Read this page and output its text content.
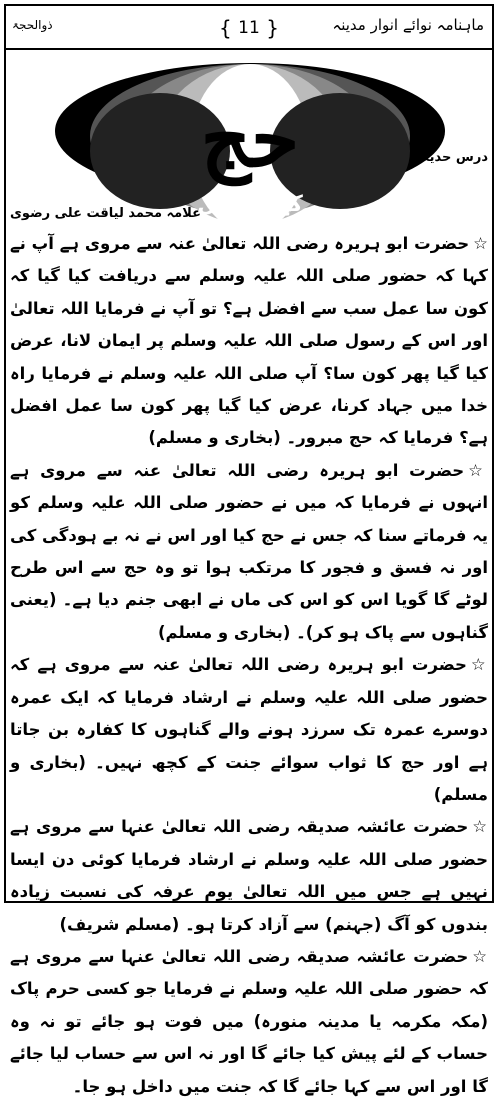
ذوالحجۃ	{ 11 }	ماہنامہ نوائے انوار مدینہ
حج
کے فضائل
درس حدیث
علامہ محمد لیاقت علی رضوی

☆حضرت ابو ہریرہ رضی اللہ تعالیٰ عنہ سے مروی ہے آپ نے کہا کہ حضور صلی اللہ علیہ وسلم سے دریافت کیا گیا کہ کون سا عمل سب سے افضل ہے؟ تو آپ نے فرمایا اللہ تعالیٰ اور اس کے رسول صلی اللہ علیہ وسلم پر ایمان لانا، عرض کیا گیا پھر کون سا؟ آپ صلی اللہ علیہ وسلم نے فرمایا راہ خدا میں جہاد کرنا، عرض کیا گیا پھر کون سا عمل افضل ہے؟ فرمایا کہ حج مبرور۔ (بخاری و مسلم)

☆حضرت ابو ہریرہ رضی اللہ تعالیٰ عنہ سے مروی ہے انہوں نے فرمایا کہ میں نے حضور صلی اللہ علیہ وسلم کو یہ فرماتے سنا کہ جس نے حج کیا اور اس نے نہ بے ہودگی کی اور نہ فسق و فجور کا مرتکب ہوا تو وہ حج سے اس طرح لوٹے گا گویا اس کو اس کی ماں نے ابھی جنم دیا ہے۔ (یعنی گناہوں سے پاک ہو کر)۔ (بخاری و مسلم)

☆حضرت ابو ہریرہ رضی اللہ تعالیٰ عنہ سے مروی ہے کہ حضور صلی اللہ علیہ وسلم نے ارشاد فرمایا کہ ایک عمرہ دوسرے عمرہ تک سرزد ہونے والے گناہوں کا کفارہ بن جاتا ہے اور حج کا ثواب سوائے جنت کے کچھ نہیں۔ (بخاری و مسلم)

☆حضرت عائشہ صدیقہ رضی اللہ تعالیٰ عنہا سے مروی ہے حضور صلی اللہ علیہ وسلم نے ارشاد فرمایا کوئی دن ایسا نہیں ہے جس میں اللہ تعالیٰ یوم عرفہ کی نسبت زیادہ بندوں کو آگ (جہنم) سے آزاد کرتا ہو۔ (مسلم شریف)

☆حضرت عائشہ صدیقہ رضی اللہ تعالیٰ عنہا سے مروی ہے کہ حضور صلی اللہ علیہ وسلم نے فرمایا جو کسی حرم پاک (مکہ مکرمہ یا مدینہ منورہ) میں فوت ہو جائے تو نہ وہ حساب کے لئے پیش کیا جائے گا اور نہ اس سے حساب لیا جائے گا اور اس سے کہا جائے گا کہ جنت میں داخل ہو جا۔
